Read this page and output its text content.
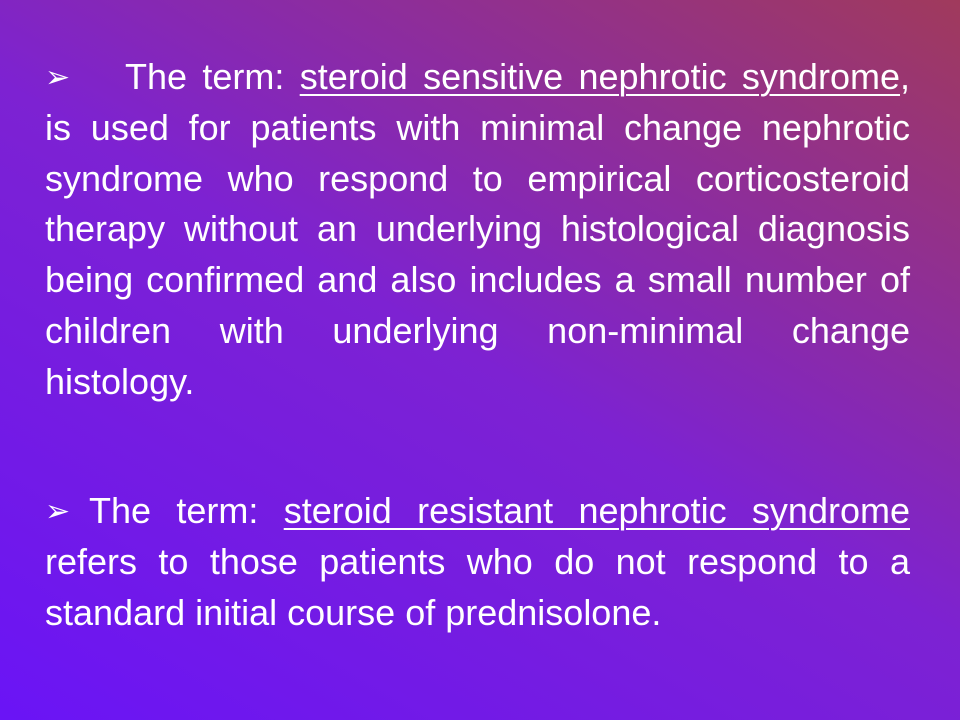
➢ The term: steroid sensitive nephrotic syndrome, is used for patients with minimal change nephrotic syndrome who respond to empirical corticosteroid therapy without an underlying histological diagnosis being confirmed and also includes a small number of children with underlying non-minimal change histology.
➢ The term: steroid resistant nephrotic syndrome refers to those patients who do not respond to a standard initial course of prednisolone.
